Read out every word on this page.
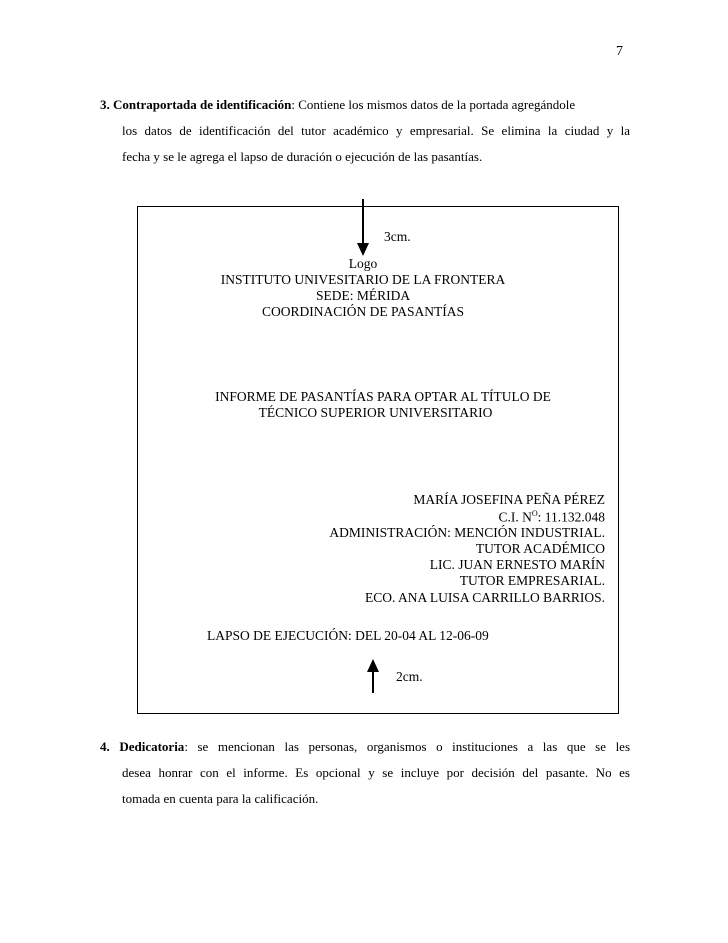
7
3. Contraportada de identificación: Contiene los mismos datos de la portada agregándole
los datos de identificación del tutor académico y empresarial. Se elimina la ciudad y la
fecha y se le agrega el lapso de duración o ejecución de las pasantías.
3cm.
Logo
INSTITUTO UNIVESITARIO DE LA FRONTERA
SEDE: MÉRIDA
COORDINACIÓN DE PASANTÍAS
INFORME DE PASANTÍAS PARA OPTAR AL TÍTULO DE
TÉCNICO SUPERIOR UNIVERSITARIO
MARÍA JOSEFINA PEÑA PÉREZ
C.I. $N^O$: 11.132.048
ADMINISTRACIÓN: MENCIÓN INDUSTRIAL.
TUTOR ACADÉMICO
LIC. JUAN ERNESTO MARÍN
TUTOR EMPRESARIAL.
ECO. ANA LUISA CARRILLO BARRIOS.
LAPSO DE EJECUCIÓN: DEL 20-04 AL 12-06-09
2cm.
4. Dedicatoria: se mencionan las personas, organismos o instituciones a las que se les
desea honrar con el informe. Es opcional y se incluye por decisión del pasante. No es
tomada en cuenta para la calificación.
